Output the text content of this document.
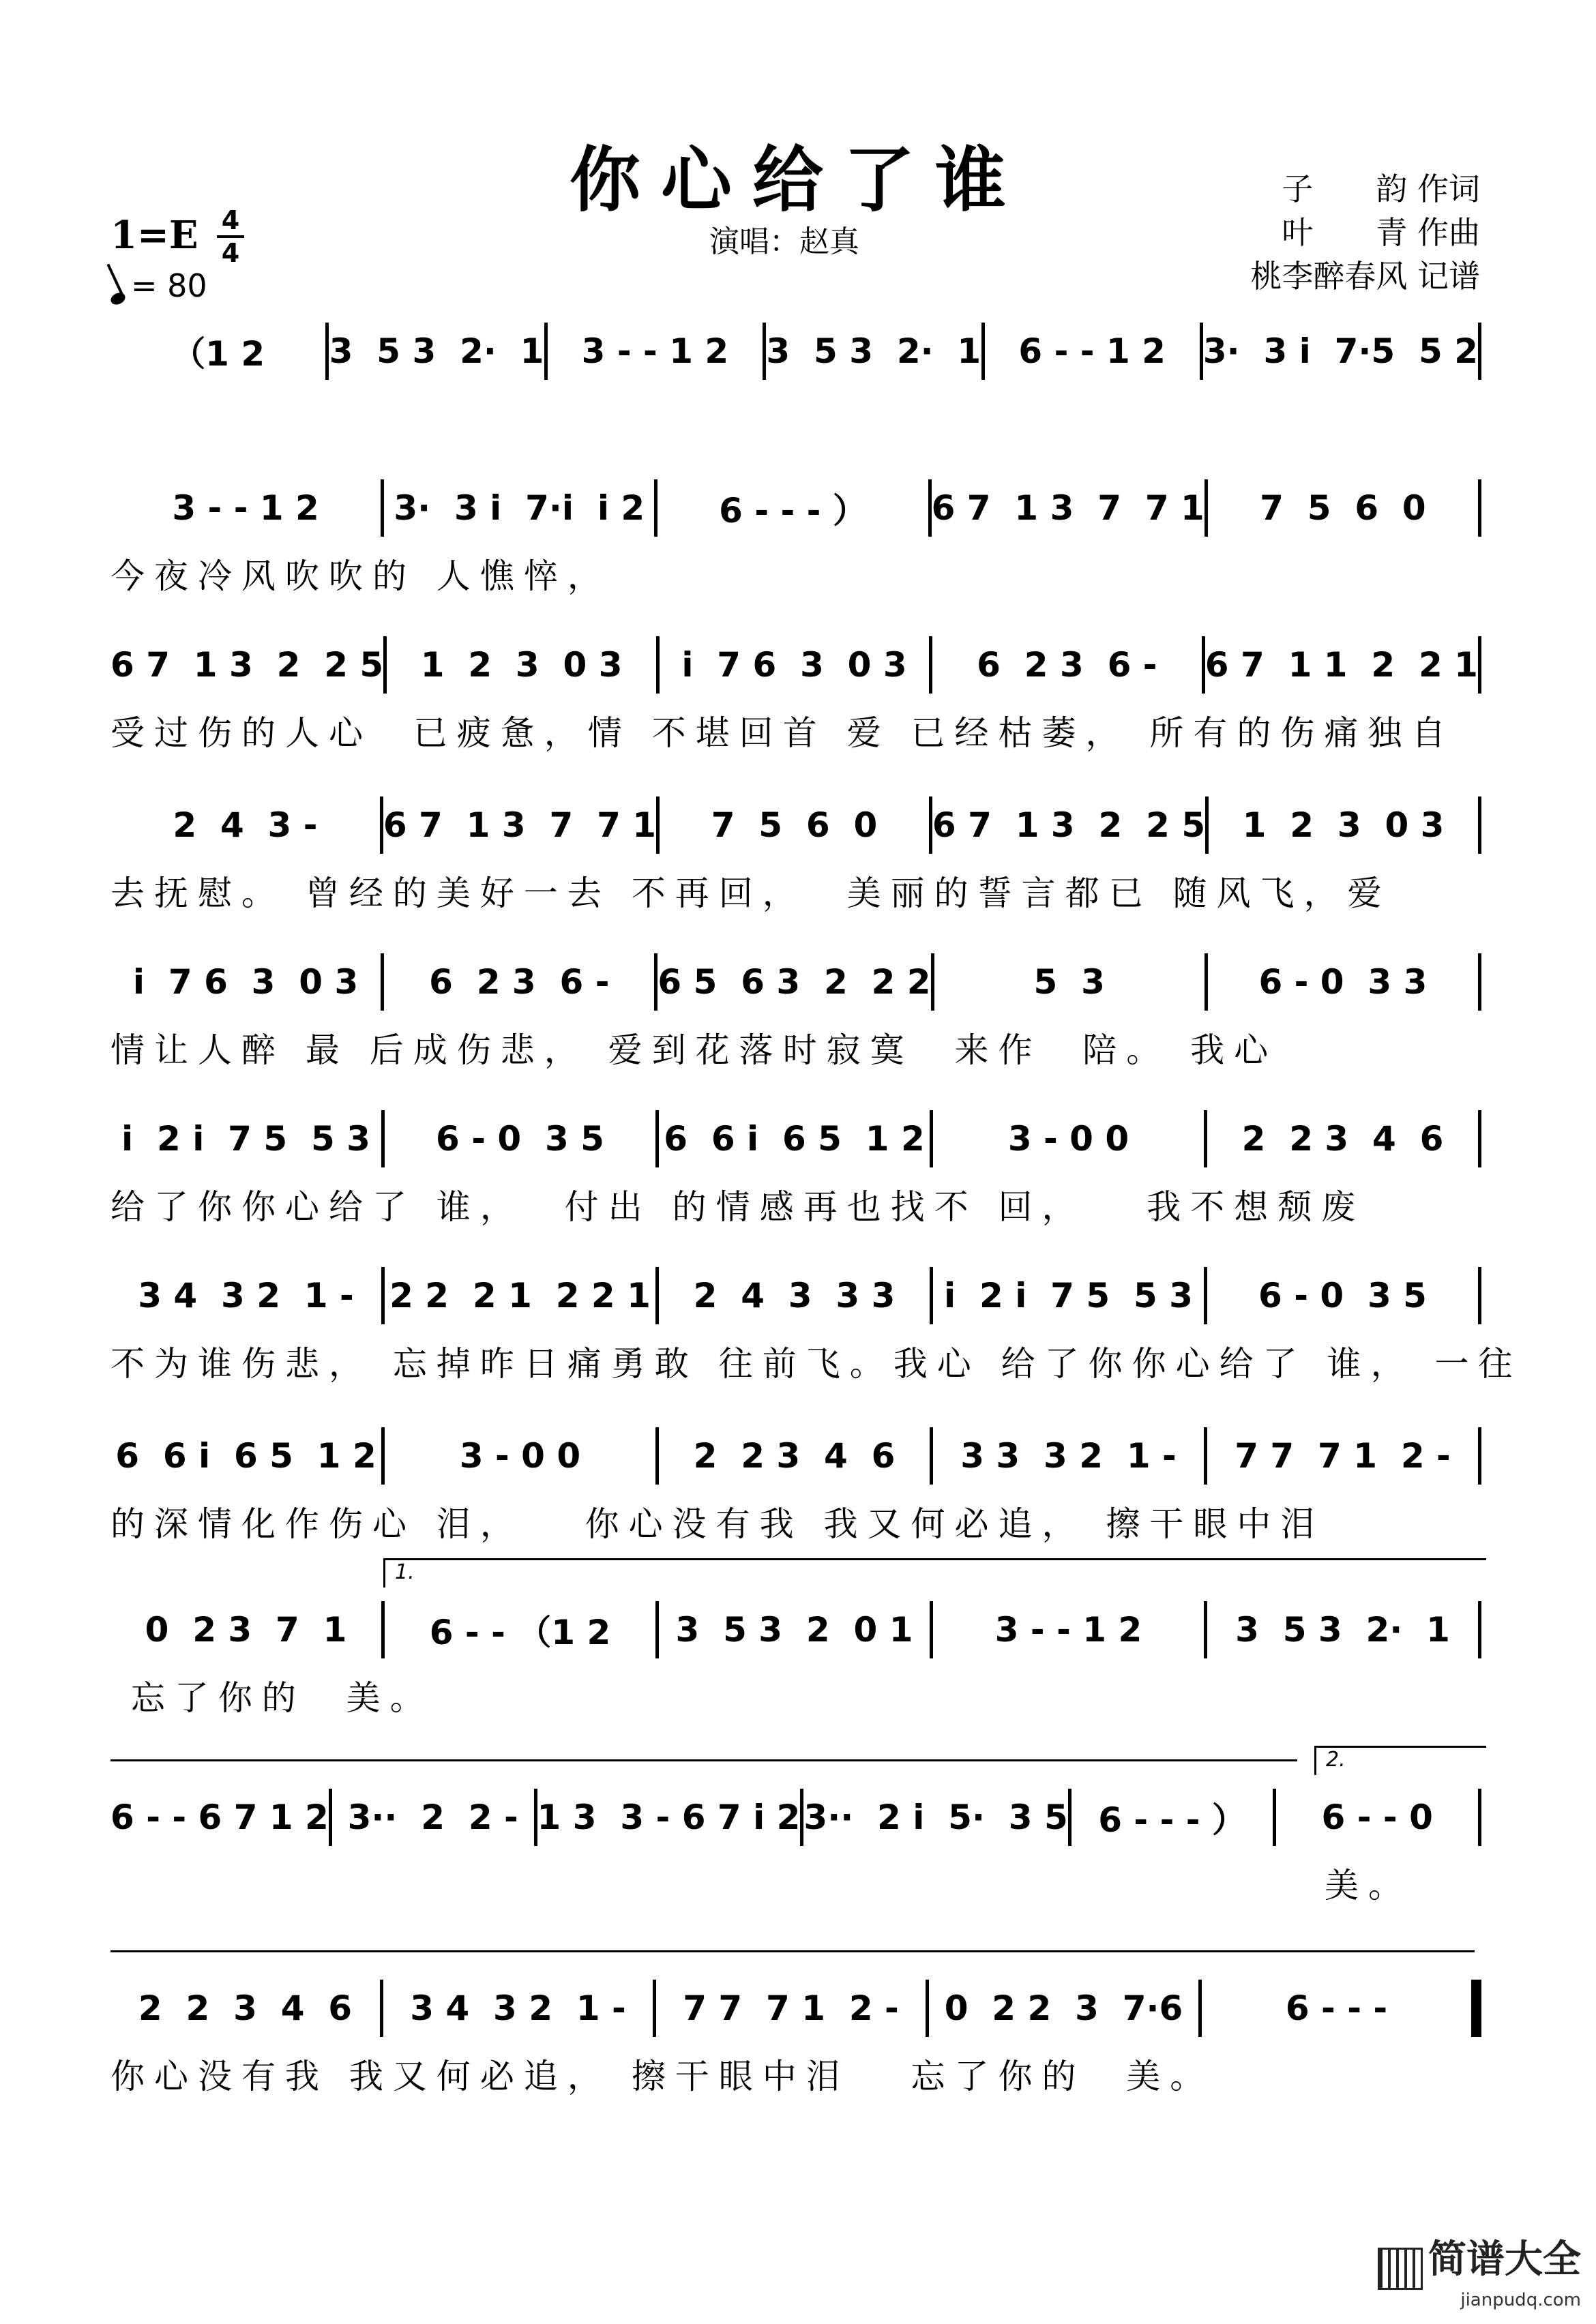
你心给了谁
演唱：赵真
子　　韵 作词
叶　　青 作曲
桃李醉春风 记谱
1=E 4
4
= 80
（1 2 3  5 3  2·  1 3 - - 1 2 3  5 3  2·  1 6 - - 1 2 3·  3 i  7·5  5 2
3 - - 1 2 3·  3 i  7·i  i 2 6 - - - ） 6 7  1 3  7  7 1 7  5  6  0
今夜冷风吹吹的 人憔悴，
6 7  1 3  2  2 5 1  2  3  0 3 i  7 6  3  0 3 6  2 3  6 - 6 7  1 1  2  2 1
受过伤的人心  已疲惫，情 不堪回首 爱 已经枯萎， 所有的伤痛独自
2  4  3 - 6 7  1 3  7  7 1 7  5  6  0 6 7  1 3  2  2 5 1  2  3  0 3
去抚慰。 曾经的美好一去 不再回，  美丽的誓言都已 随风飞，爱
i  7 6  3  0 3 6  2 3  6 - 6 5  6 3  2  2 2	5  3	6 - 0  3 3
情让人醉 最 后成伤悲， 爱到花落时寂寞  来作  陪。 我心
i  2 i  7 5  5 3 6 - 0  3 5 6  6 i  6 5  1 2 3 - 0 0	2  2 3  4  6
给了你你心给了 谁，  付出 的情感再也找不 回，   我不想颓废
3 4  3 2  1 - 2 2  2 1  2 2 1 2  4  3  3 3 i  2 i  7 5  5 3 6 - 0  3 5
不为谁伤悲， 忘掉昨日痛勇敢 往前飞。我心 给了你你心给了 谁， 一往
6  6 i  6 5  1 2 3 - 0 0	2  2 3  4  6 3 3  3 2  1 - 7 7  7 1  2 -
的深情化作伤心 泪，   你心没有我 我又何必追， 擦干眼中泪
0  2 3  7  1 6 - - （1 2 3  5 3  2  0 1 3 - - 1 2	3  5 3  2·  1
忘了你的  美。
1.
6 - - 6 7 1 2 3··  2  2 - 1 3  3 - 6 7 i 2 3··  2 i  5·  3 5 6 - - - ） 6 - - 0
美。
2.
2  2  3  4  6 3 4  3 2  1 - 7 7  7 1  2 - 0  2 2  3  7·6	6 - - -
你心没有我 我又何必追， 擦干眼中泪   忘了你的  美。
简谱大全
jianpudq.com
